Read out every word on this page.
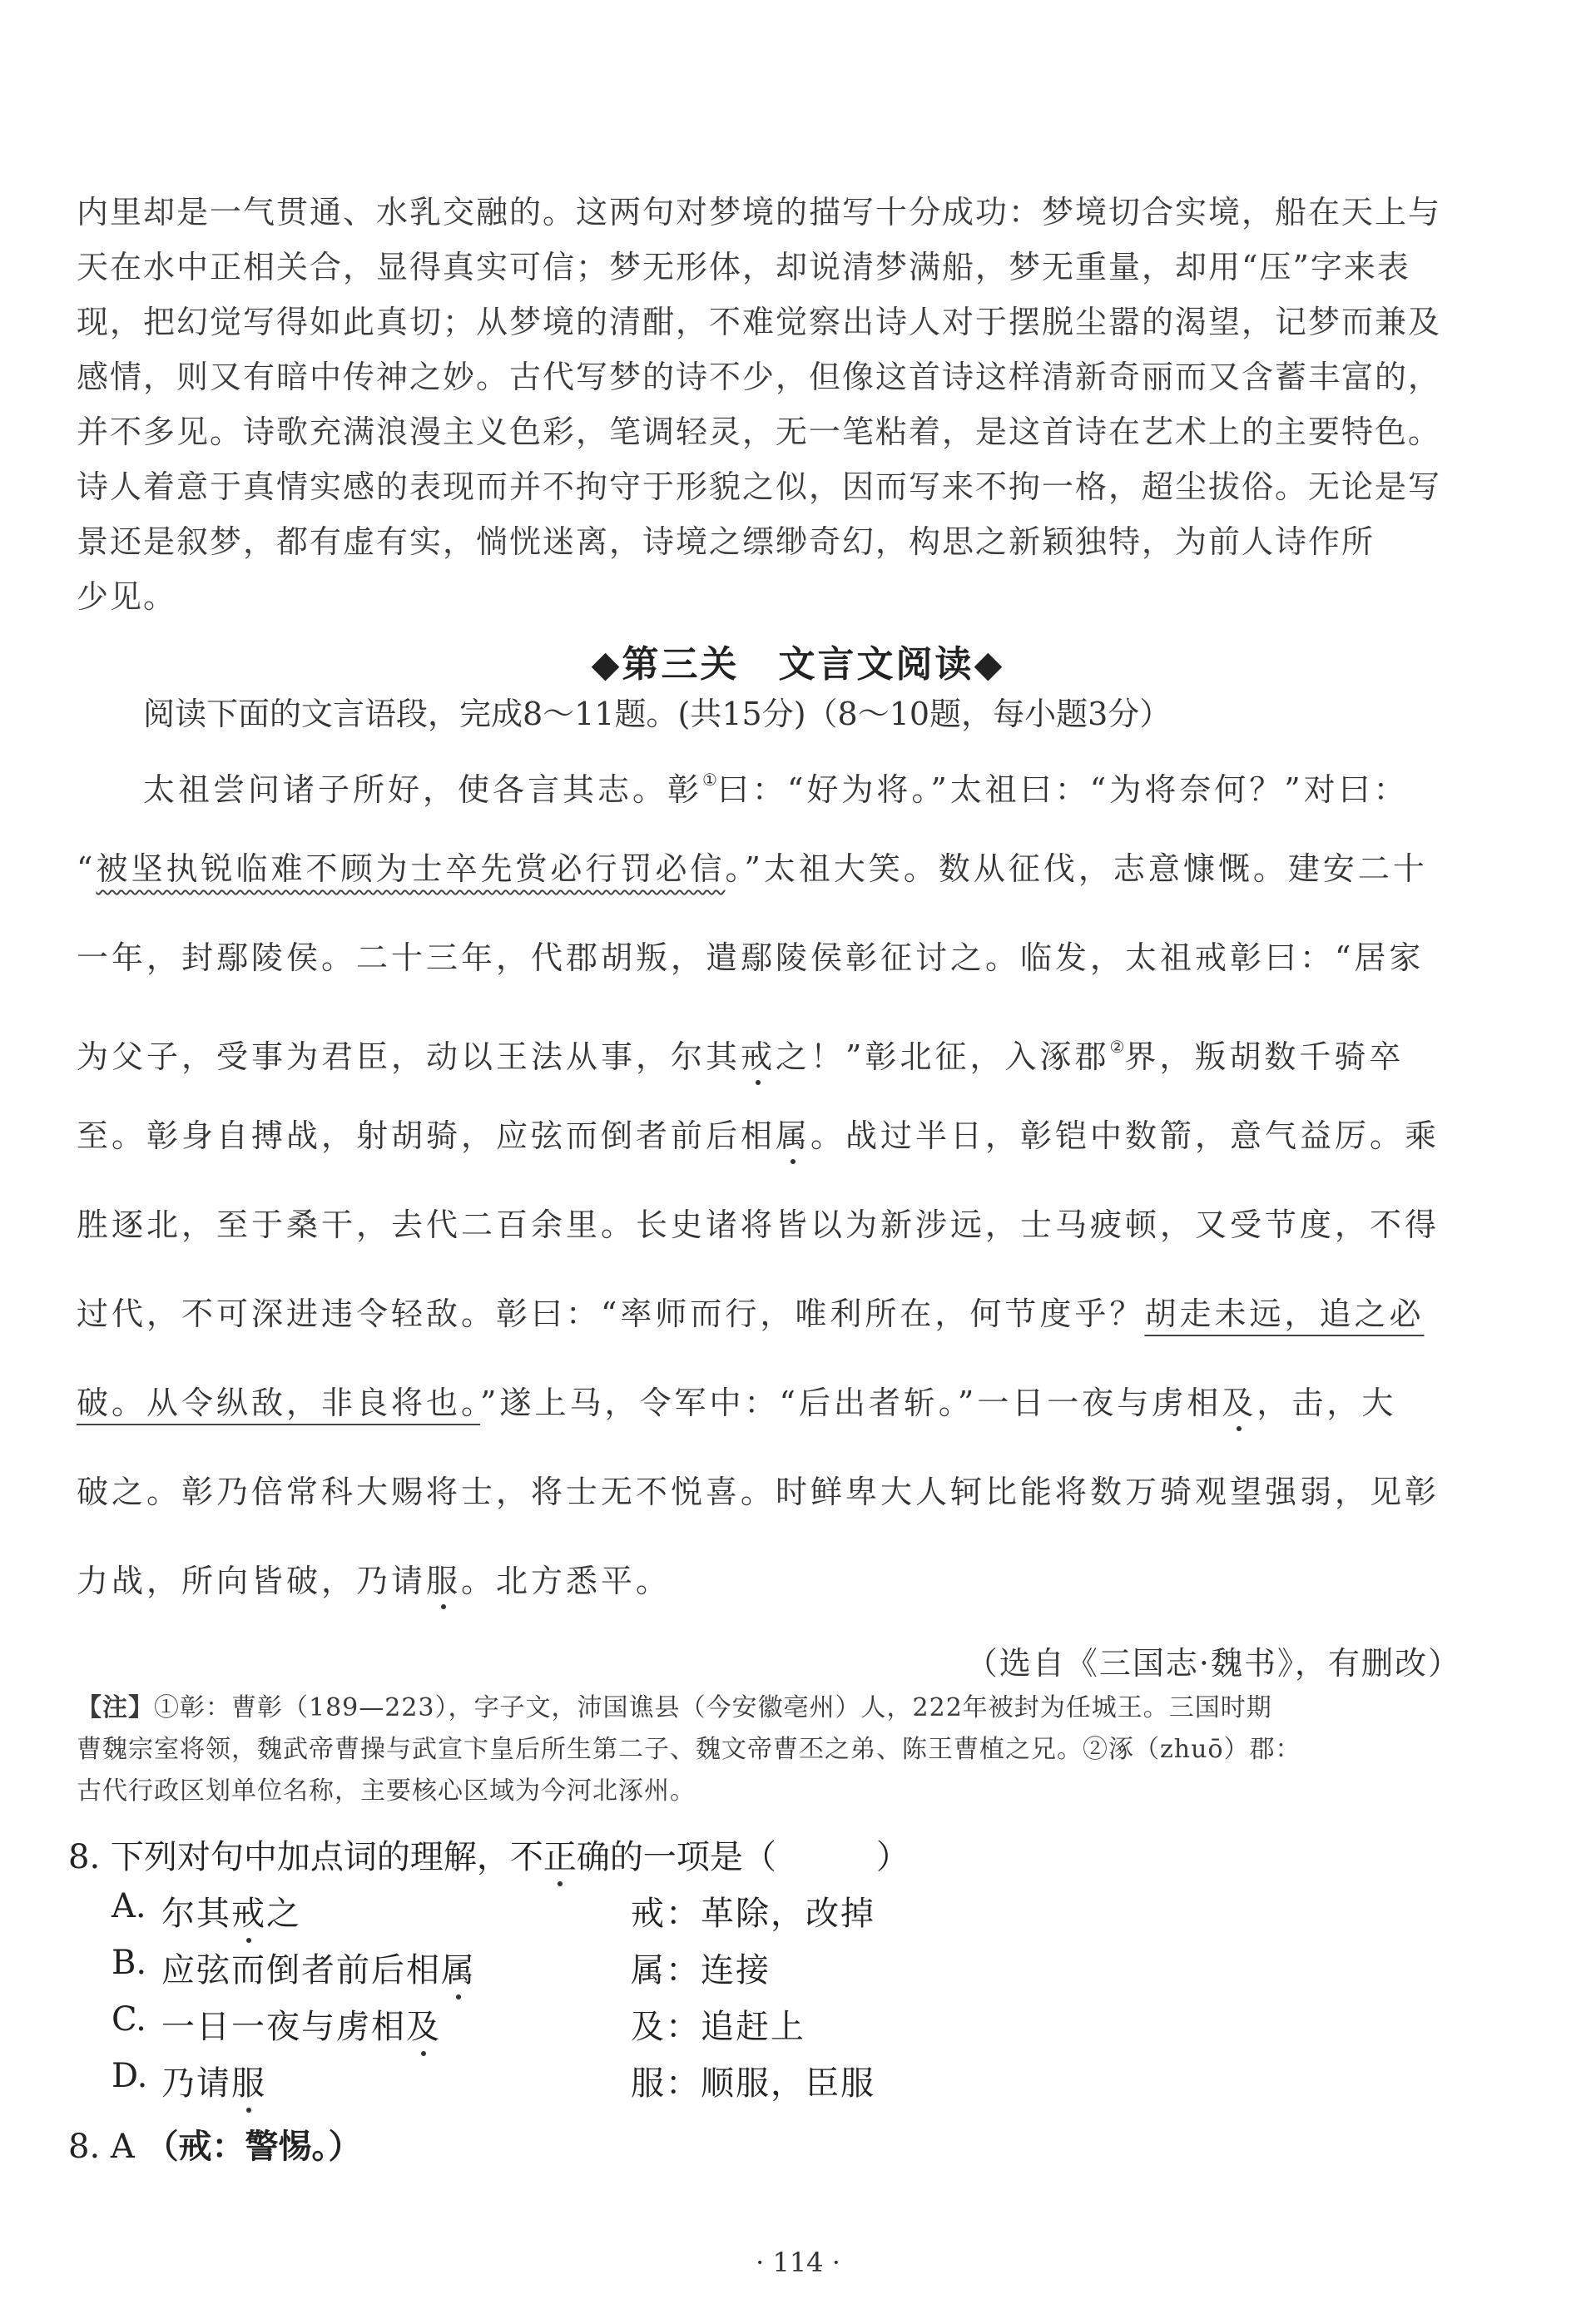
内里却是一气贯通、水乳交融的。这两句对梦境的描写十分成功：梦境切合实境，船在天上与
天在水中正相关合，显得真实可信；梦无形体，却说清梦满船，梦无重量，却用“压”字来表
现，把幻觉写得如此真切；从梦境的清酣，不难觉察出诗人对于摆脱尘嚣的渴望，记梦而兼及
感情，则又有暗中传神之妙。古代写梦的诗不少，但像这首诗这样清新奇丽而又含蓄丰富的，
并不多见。诗歌充满浪漫主义色彩，笔调轻灵，无一笔粘着，是这首诗在艺术上的主要特色。
诗人着意于真情实感的表现而并不拘守于形貌之似，因而写来不拘一格，超尘拔俗。无论是写
景还是叙梦，都有虚有实，惝恍迷离，诗境之缥缈奇幻，构思之新颖独特，为前人诗作所
少见。
◆第三关　文言文阅读◆
阅读下面的文言语段，完成8～11题。(共15分)（8～10题，每小题3分）
太祖尝问诸子所好，使各言其志。彰①曰：“好为将。”太祖曰：“为将奈何？”对曰：
“被坚执锐临难不顾为士卒先赏必行罚必信。”太祖大笑。数从征伐，志意慷慨。建安二十
一年，封鄢陵侯。二十三年，代郡胡叛，遣鄢陵侯彰征讨之。临发，太祖戒彰曰：“居家
为父子，受事为君臣，动以王法从事，尔其戒之！”彰北征，入涿郡②界，叛胡数千骑卒
至。彰身自搏战，射胡骑，应弦而倒者前后相属。战过半日，彰铠中数箭，意气益厉。乘
胜逐北，至于桑干，去代二百余里。长史诸将皆以为新涉远，士马疲顿，又受节度，不得
过代，不可深进违令轻敌。彰曰：“率师而行，唯利所在，何节度乎？胡走未远，追之必
破。从令纵敌，非良将也。”遂上马，令军中：“后出者斩。”一日一夜与虏相及，击，大
破之。彰乃倍常科大赐将士，将士无不悦喜。时鲜卑大人轲比能将数万骑观望强弱，见彰
力战，所向皆破，乃请服。北方悉平。
（选自《三国志·魏书》，有删改）
【注】①彰：曹彰（189—223），字子文，沛国谯县（今安徽亳州）人，222年被封为任城王。三国时期
曹魏宗室将领，魏武帝曹操与武宣卞皇后所生第二子、魏文帝曹丕之弟、陈王曹植之兄。②涿（zhuō）郡：
古代行政区划单位名称，主要核心区域为今河北涿州。
8. 下列对句中加点词的理解，不正确的一项是（　　　）
A. 尔其戒之	戒：革除，改掉
B. 应弦而倒者前后相属	属：连接
C. 一日一夜与虏相及	及：追赶上
D. 乃请服	服：顺服，臣服
8. A （戒：警惕。）
· 114 ·
